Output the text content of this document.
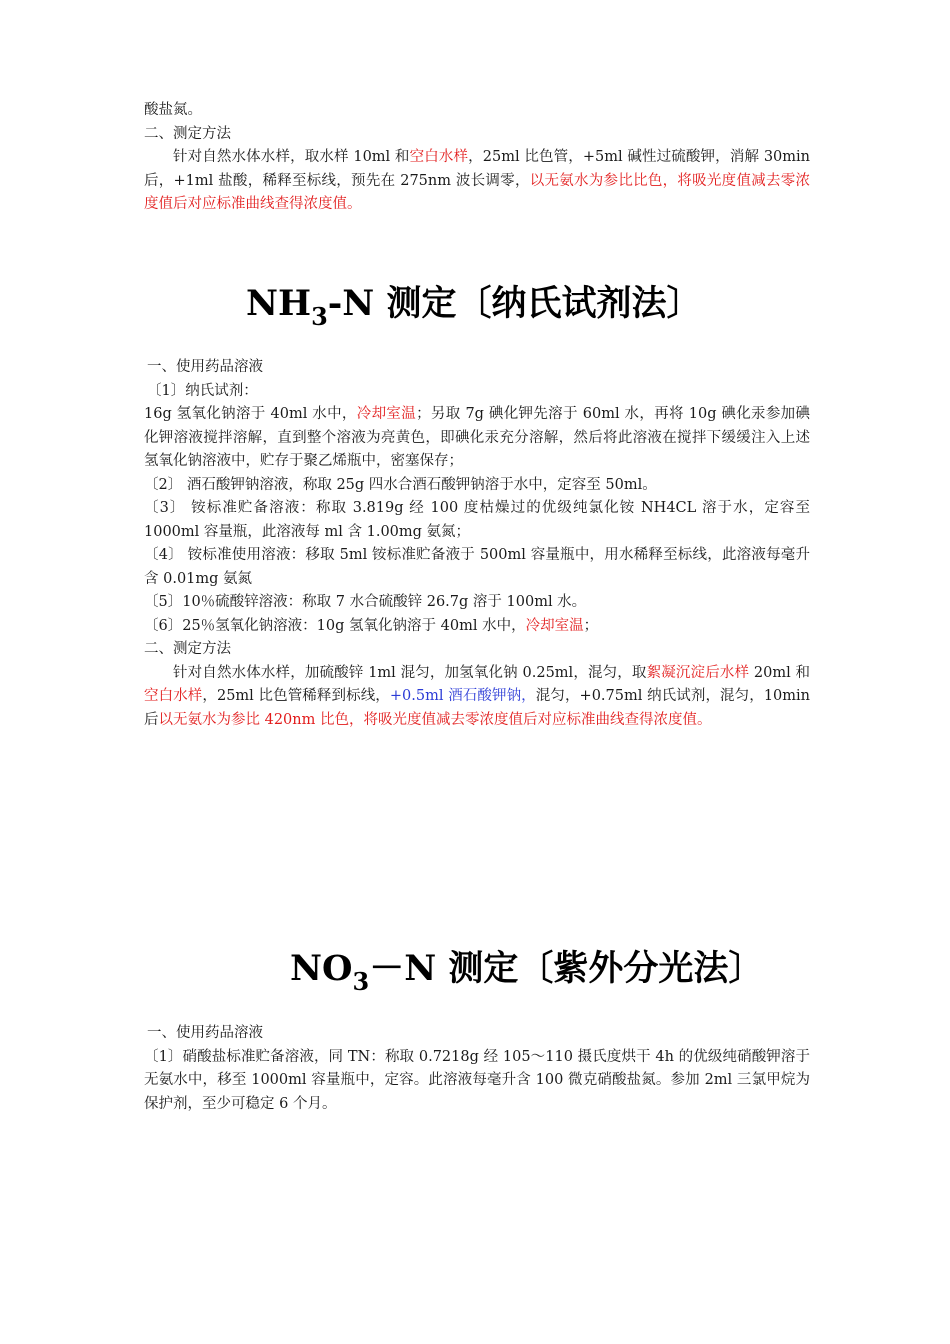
酸盐氮。

二、测定方法

针对自然水体水样，取水样 10ml 和空白水样，25ml 比色管，+5ml 碱性过硫酸钾，消解 30min 后，+1ml 盐酸，稀释至标线，预先在 275nm 波长调零，以无氨水为参比比色，将吸光度值减去零浓度值后对应标准曲线查得浓度值。

$NH_3-N$ 测定〔纳氏试剂法〕

一、使用药品溶液

〔1〕纳氏试剂：

16g 氢氧化钠溶于 40ml 水中，冷却室温；另取 7g 碘化钾先溶于 60ml 水，再将 10g 碘化汞参加碘化钾溶液搅拌溶解，直到整个溶液为亮黄色，即碘化汞充分溶解，然后将此溶液在搅拌下缓缓注入上述氢氧化钠溶液中，贮存于聚乙烯瓶中，密塞保存；

〔2〕 酒石酸钾钠溶液，称取 25g 四水合酒石酸钾钠溶于水中，定容至 50ml。

〔3〕 铵标准贮备溶液：称取 3.819g 经 100 度枯燥过的优级纯氯化铵 NH4CL 溶于水，定容至 1000ml 容量瓶，此溶液每 ml 含 1.00mg 氨氮；

〔4〕 铵标准使用溶液：移取 5ml 铵标准贮备液于 500ml 容量瓶中，用水稀释至标线，此溶液每毫升含 0.01mg 氨氮

〔5〕10％硫酸锌溶液：称取 7 水合硫酸锌 26.7g 溶于 100ml 水。

〔6〕25％氢氧化钠溶液：10g 氢氧化钠溶于 40ml 水中，冷却室温；

二、测定方法

针对自然水体水样，加硫酸锌 1ml 混匀，加氢氧化钠 0.25ml，混匀，取絮凝沉淀后水样 20ml 和空白水样，25ml 比色管稀释到标线，+0.5ml 酒石酸钾钠，混匀，+0.75ml 纳氏试剂，混匀，10min 后以无氨水为参比 420nm 比色，将吸光度值减去零浓度值后对应标准曲线查得浓度值。

$NO_3-N$ 测定〔紫外分光法〕

一、使用药品溶液

〔1〕硝酸盐标准贮备溶液，同 TN：称取 0.7218g 经 105～110 摄氏度烘干 4h 的优级纯硝酸钾溶于无氨水中，移至 1000ml 容量瓶中，定容。此溶液每毫升含 100 微克硝酸盐氮。参加 2ml 三氯甲烷为保护剂，至少可稳定 6 个月。
